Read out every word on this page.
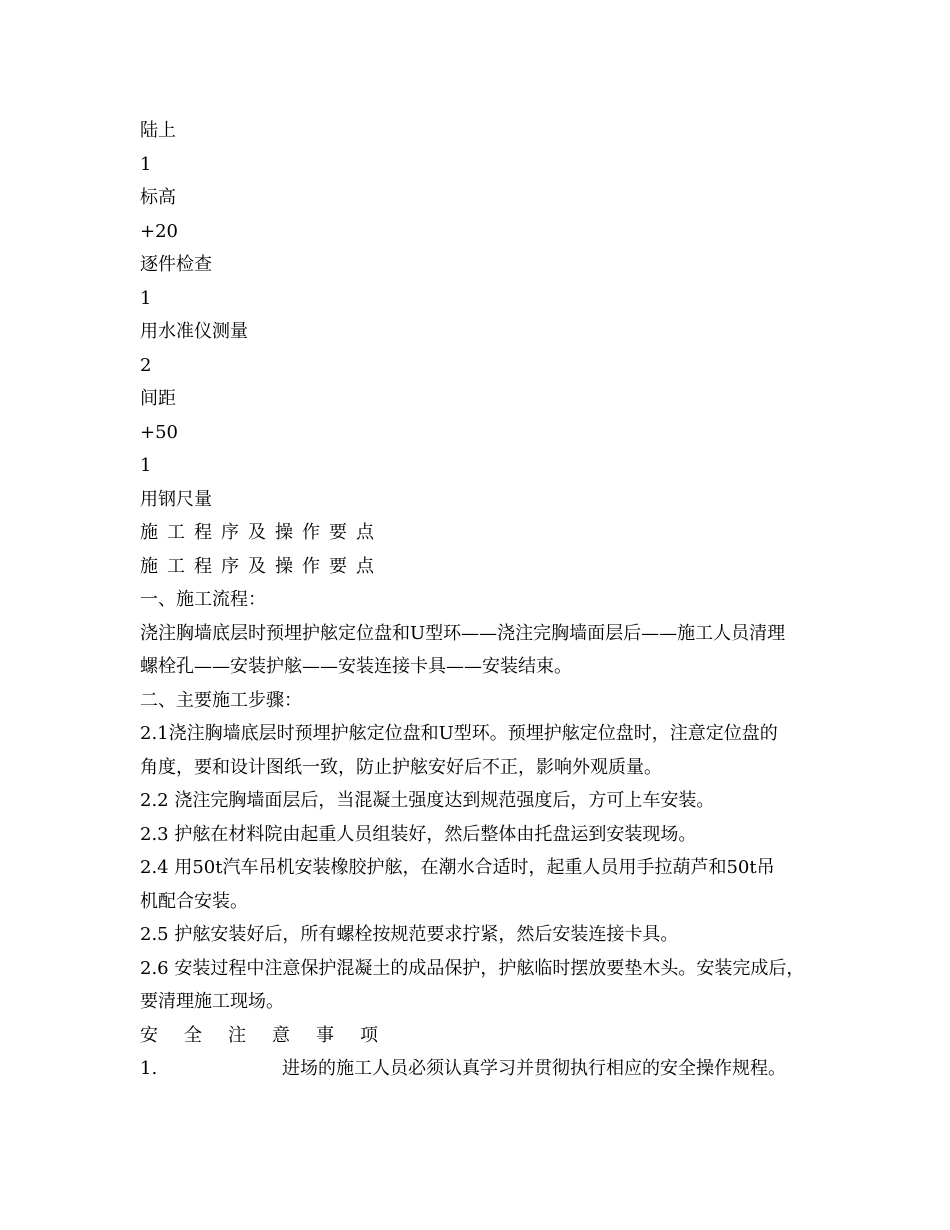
陆上
1
标高
+20
逐件检查
1
用水准仪测量
2
间距
+50
1
用钢尺量
施工程序及操作要点
施工程序及操作要点
一、施工流程：
浇注胸墙底层时预埋护舷定位盘和U型环——浇注完胸墙面层后——施工人员清理
螺栓孔——安装护舷——安装连接卡具——安装结束。
二、主要施工步骤：
2.1浇注胸墙底层时预埋护舷定位盘和U型环。预埋护舷定位盘时，注意定位盘的
角度，要和设计图纸一致，防止护舷安好后不正，影响外观质量。
2.2 浇注完胸墙面层后，当混凝土强度达到规范强度后，方可上车安装。
2.3 护舷在材料院由起重人员组装好，然后整体由托盘运到安装现场。
2.4 用50t汽车吊机安装橡胶护舷，在潮水合适时，起重人员用手拉葫芦和50t吊
机配合安装。
2.5 护舷安装好后，所有螺栓按规范要求拧紧，然后安装连接卡具。
2.6 安装过程中注意保护混凝土的成品保护，护舷临时摆放要垫木头。安装完成后，
要清理施工现场。
安全注意事项
1.	进场的施工人员必须认真学习并贯彻执行相应的安全操作规程。
